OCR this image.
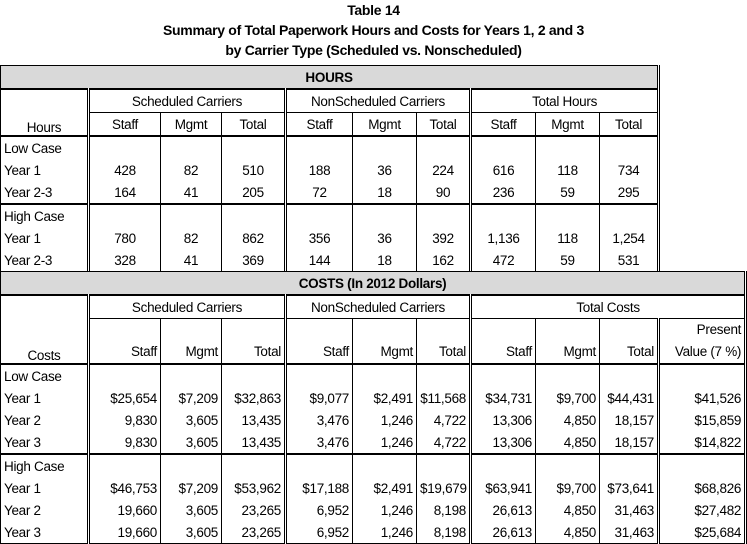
Table 14
Summary of Total Paperwork Hours and Costs for Years 1, 2 and 3
by Carrier Type (Scheduled vs. Nonscheduled)
HOURS									
Hours	Scheduled Carriers			NonScheduled Carriers			Total Hours		
	Staff	Mgmt	Total	Staff	Mgmt	Total	Staff	Mgmt	Total
Low Case									
Year 1	428	82	510	188	36	224	616	118	734
Year 2-3	164	41	205	72	18	90	236	59	295
High Case									
Year 1	780	82	862	356	36	392	1,136	118	1,254
Year 2-3	328	41	369	144	18	162	472	59	531
COSTS (In 2012 Dollars)										
Costs	Scheduled Carriers			NonScheduled Carriers			Total Costs			
	Staff	Mgmt	Total	Staff	Mgmt	Total	Staff	Mgmt	Total	Present Value (7 %)
Low Case										
Year 1	$25,654	$7,209	$32,863	$9,077	$2,491	$11,568	$34,731	$9,700	$44,431	$41,526
Year 2	9,830	3,605	13,435	3,476	1,246	4,722	13,306	4,850	18,157	$15,859
Year 3	9,830	3,605	13,435	3,476	1,246	4,722	13,306	4,850	18,157	$14,822
High Case										
Year 1	$46,753	$7,209	$53,962	$17,188	$2,491	$19,679	$63,941	$9,700	$73,641	$68,826
Year 2	19,660	3,605	23,265	6,952	1,246	8,198	26,613	4,850	31,463	$27,482
Year 3	19,660	3,605	23,265	6,952	1,246	8,198	26,613	4,850	31,463	$25,684
